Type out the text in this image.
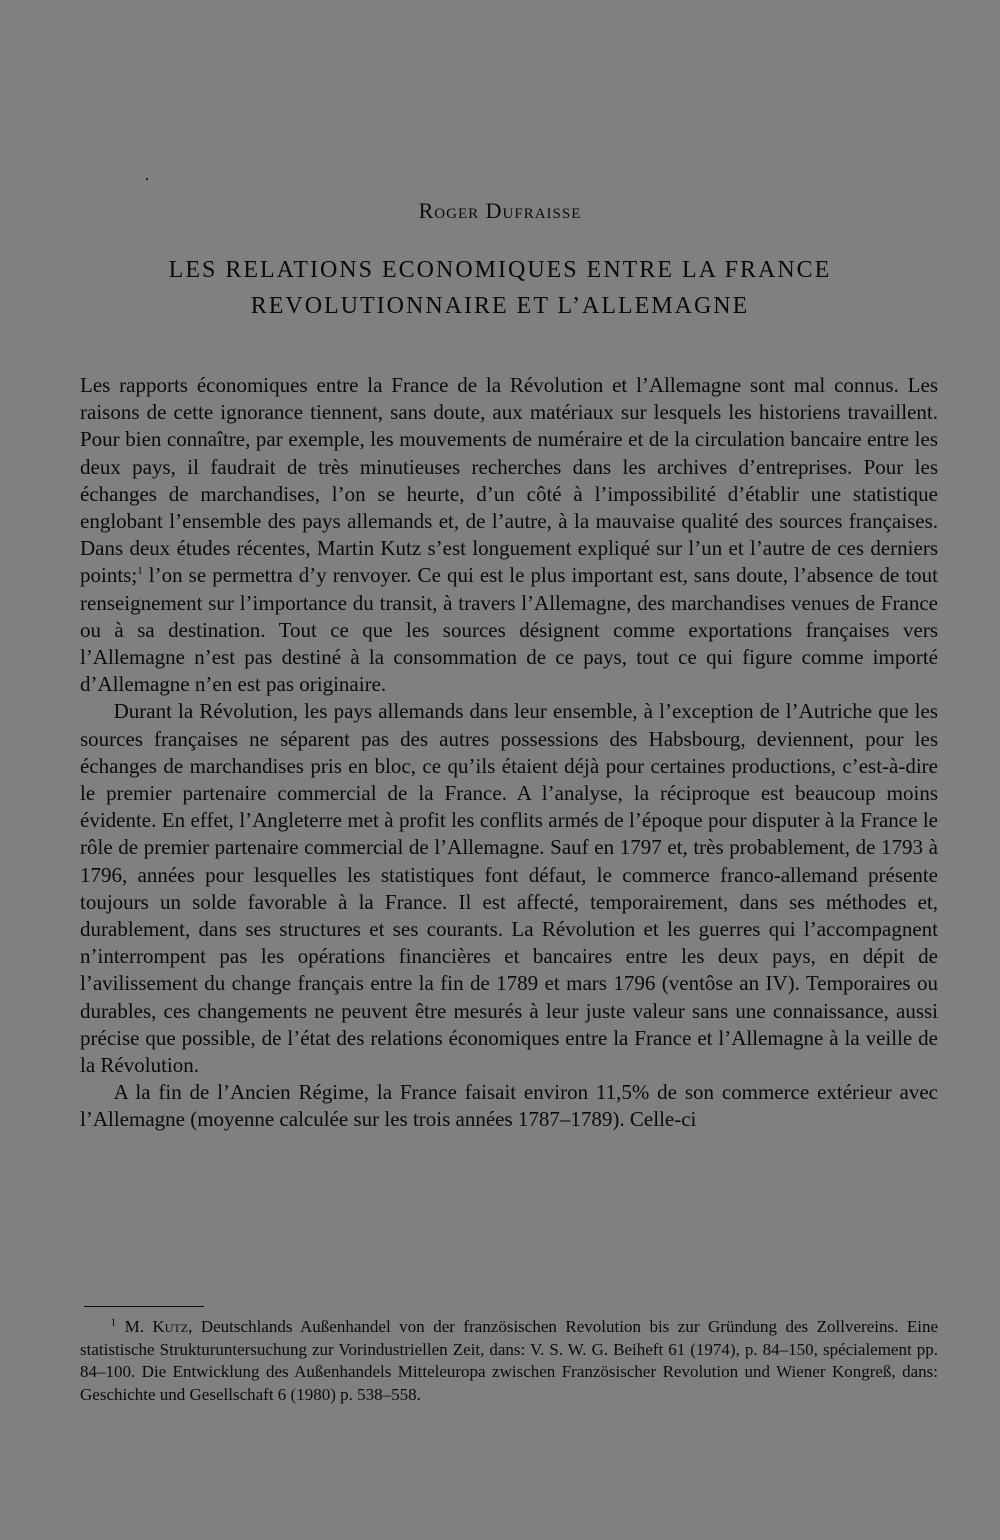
Roger Dufraisse
LES RELATIONS ECONOMIQUES ENTRE LA FRANCE
REVOLUTIONNAIRE ET L’ALLEMAGNE

Les rapports économiques entre la France de la Révolution et l’Allemagne sont mal connus. Les raisons de cette ignorance tiennent, sans doute, aux matériaux sur lesquels les historiens travaillent. Pour bien connaître, par exemple, les mouvements de numéraire et de la circulation bancaire entre les deux pays, il faudrait de très minutieuses recherches dans les archives d’entreprises. Pour les échanges de marchandises, l’on se heurte, d’un côté à l’impossibilité d’établir une statistique englobant l’ensemble des pays allemands et, de l’autre, à la mauvaise qualité des sources françaises. Dans deux études récentes, Martin Kutz s’est longuement expliqué sur l’un et l’autre de ces derniers points;$^1$ l’on se permettra d’y renvoyer. Ce qui est le plus important est, sans doute, l’absence de tout renseignement sur l’importance du transit, à travers l’Allemagne, des marchandises venues de France ou à sa destination. Tout ce que les sources désignent comme exportations françaises vers l’Allemagne n’est pas destiné à la consommation de ce pays, tout ce qui figure comme importé d’Allemagne n’en est pas originaire.

Durant la Révolution, les pays allemands dans leur ensemble, à l’exception de l’Autriche que les sources françaises ne séparent pas des autres possessions des Habsbourg, deviennent, pour les échanges de marchandises pris en bloc, ce qu’ils étaient déjà pour certaines productions, c’est-à-dire le premier partenaire commercial de la France. A l’analyse, la réciproque est beaucoup moins évidente. En effet, l’Angleterre met à profit les conflits armés de l’époque pour disputer à la France le rôle de premier partenaire commercial de l’Allemagne. Sauf en 1797 et, très probablement, de 1793 à 1796, années pour lesquelles les statistiques font défaut, le commerce franco-allemand présente toujours un solde favorable à la France. Il est affecté, temporairement, dans ses méthodes et, durablement, dans ses structures et ses courants. La Révolution et les guerres qui l’accompagnent n’interrompent pas les opérations financières et bancaires entre les deux pays, en dépit de l’avilissement du change français entre la fin de 1789 et mars 1796 (ventôse an IV). Temporaires ou durables, ces changements ne peuvent être mesurés à leur juste valeur sans une connaissance, aussi précise que possible, de l’état des relations économiques entre la France et l’Allemagne à la veille de la Révolution.

A la fin de l’Ancien Régime, la France faisait environ 11,5% de son commerce extérieur avec l’Allemagne (moyenne calculée sur les trois années 1787–1789). Celle-ci

$^1$ M. Kutz, Deutschlands Außenhandel von der französischen Revolution bis zur Gründung des Zollvereins. Eine statistische Strukturuntersuchung zur Vorindustriellen Zeit, dans: V. S. W. G. Beiheft 61 (1974), p. 84–150, spécialement pp. 84–100. Die Entwicklung des Außenhandels Mitteleuropa zwischen Französischer Revolution und Wiener Kongreß, dans: Geschichte und Gesellschaft 6 (1980) p. 538–558.
